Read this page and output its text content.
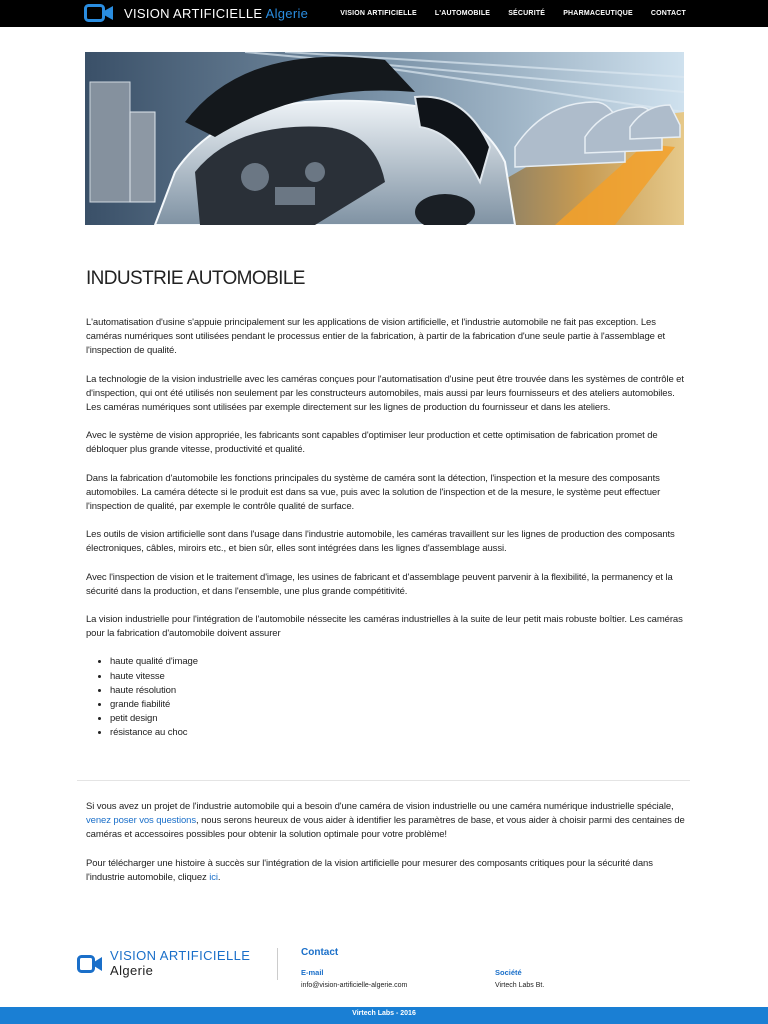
VISION ARTIFICIELLE Algerie	VISION ARTIFICIELLE	L'AUTOMOBILE	SÉCURITÉ	PHARMACEUTIQUE	CONTACT
INDUSTRIE AUTOMOBILE

L'automatisation d'usine s'appuie principalement sur les applications de vision artificielle, et l'industrie automobile ne fait pas exception. Les caméras numériques sont utilisées pendant le processus entier de la fabrication, à partir de la fabrication d'une seule partie à l'assemblage et l'inspection de qualité.

La technologie de la vision industrielle avec les caméras conçues pour l'automatisation d'usine peut être trouvée dans les systèmes de contrôle et d'inspection, qui ont été utilisés non seulement par les constructeurs automobiles, mais aussi par leurs fournisseurs et des ateliers automobiles. Les caméras numériques sont utilisées par exemple directement sur les lignes de production du fournisseur et dans les ateliers.

Avec le système de vision appropriée, les fabricants sont capables d'optimiser leur production et cette optimisation de fabrication promet de débloquer plus grande vitesse, productivité et qualité.

Dans la fabrication d'automobile les fonctions principales du système de caméra sont la détection, l'inspection et la mesure des composants automobiles. La caméra détecte si le produit est dans sa vue, puis avec la solution de l'inspection et de la mesure, le système peut effectuer l'inspection de qualité, par exemple le contrôle qualité de surface.

Les outils de vision artificielle sont dans l'usage dans l'industrie automobile, les caméras travaillent sur les lignes de production des composants électroniques, câbles, miroirs etc., et bien sûr, elles sont intégrées dans les lignes d'assemblage aussi.

Avec l'inspection de vision et le traitement d'image, les usines de fabricant et d'assemblage peuvent parvenir à la flexibilité, la permanency et la sécurité dans la production, et dans l'ensemble, une plus grande compétitivité.

La vision industrielle pour l'intégration de l'automobile néssecite les caméras industrielles à la suite de leur petit mais robuste boîtier. Les caméras pour la fabrication d'automobile doivent assurer

• haute qualité d'image
• haute vitesse
• haute résolution
• grande fiabilité
• petit design
• résistance au choc

Si vous avez un projet de l'industrie automobile qui a besoin d'une caméra de vision industrielle ou une caméra numérique industrielle spéciale, venez poser vos questions, nous serons heureux de vous aider à identifier les paramètres de base, et vous aider à choisir parmi des centaines de caméras et accessoires possibles pour obtenir la solution optimale pour votre problème!

Pour télécharger une histoire à succès sur l'intégration de la vision artificielle pour mesurer des composants critiques pour la sécurité dans l'industrie automobile, cliquez ici.

VISION ARTIFICIELLE
Algerie
Contact
E-mail
info@vision-artificielle-algerie.com
Société
Virtech Labs Bt.
Virtech Labs - 2016
